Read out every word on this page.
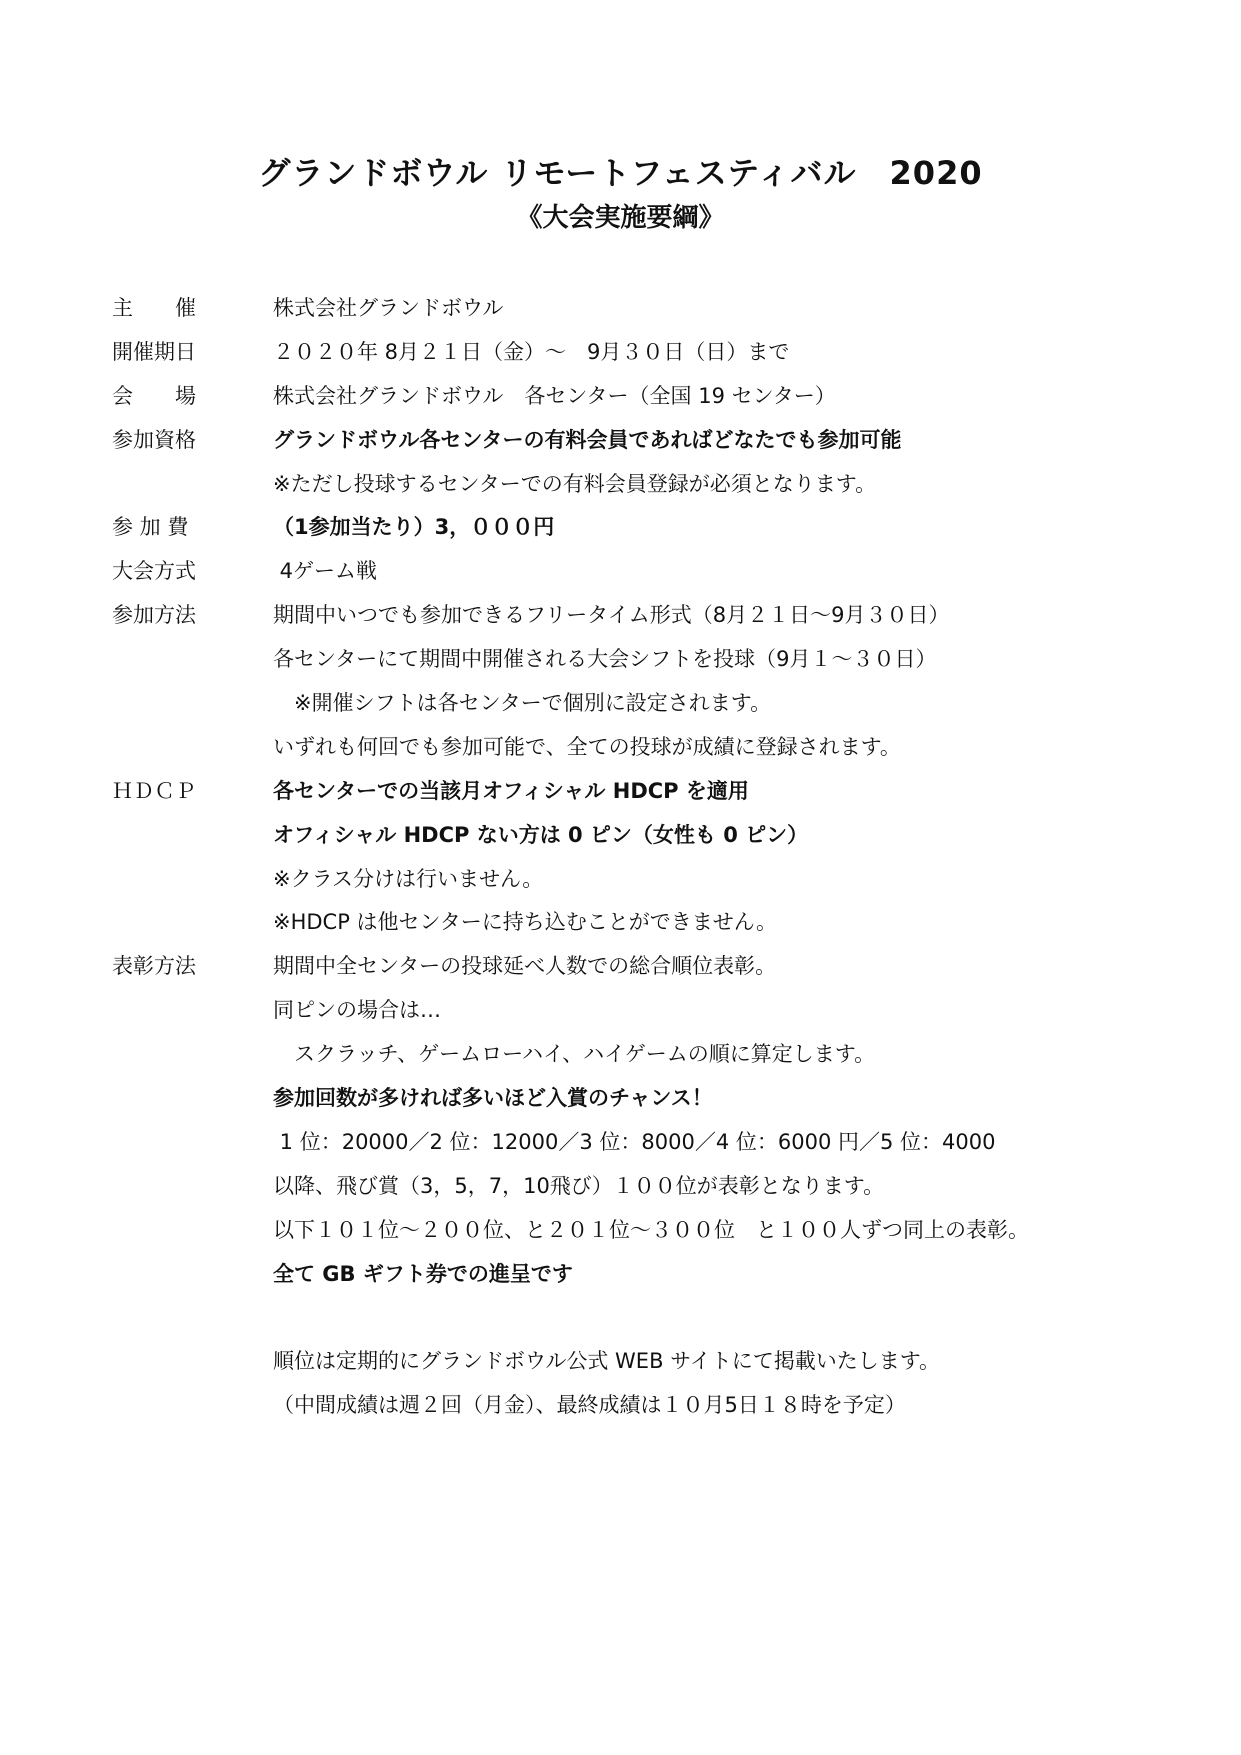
グランドボウル リモートフェスティバル　2020
《大会実施要綱》
主　　催	株式会社グランドボウル
開催期日	２０２０年 8月２１日（金）～　9月３０日（日）まで
会　　場	株式会社グランドボウル　各センター（全国 19 センター）
参加資格	グランドボウル各センターの有料会員であればどなたでも参加可能
※ただし投球するセンターでの有料会員登録が必須となります。
参 加 費	（1参加当たり）3，０００円
大会方式	4ゲーム戦
参加方法	期間中いつでも参加できるフリータイム形式（8月２１日～9月３０日）
各センターにて期間中開催される大会シフトを投球（9月１～３０日）
　※開催シフトは各センターで個別に設定されます。
いずれも何回でも参加可能で、全ての投球が成績に登録されます。
ＨＤＣＰ	各センターでの当該月オフィシャル HDCP を適用
オフィシャル HDCP ない方は 0 ピン（女性も 0 ピン）
※クラス分けは行いません。
※HDCP は他センターに持ち込むことができません。
表彰方法	期間中全センターの投球延べ人数での総合順位表彰。
同ピンの場合は…
　スクラッチ、ゲームローハイ、ハイゲームの順に算定します。
参加回数が多ければ多いほど入賞のチャンス！
1 位：20000／2 位：12000／3 位：8000／4 位：6000 円／5 位：4000
以降、飛び賞（3，5，7，10飛び）１００位が表彰となります。
以下１０１位～２００位、と２０１位～３００位　と１００人ずつ同上の表彰。
全て GB ギフト券での進呈です
順位は定期的にグランドボウル公式 WEB サイトにて掲載いたします。
（中間成績は週２回（月金）、最終成績は１０月5日１８時を予定）
